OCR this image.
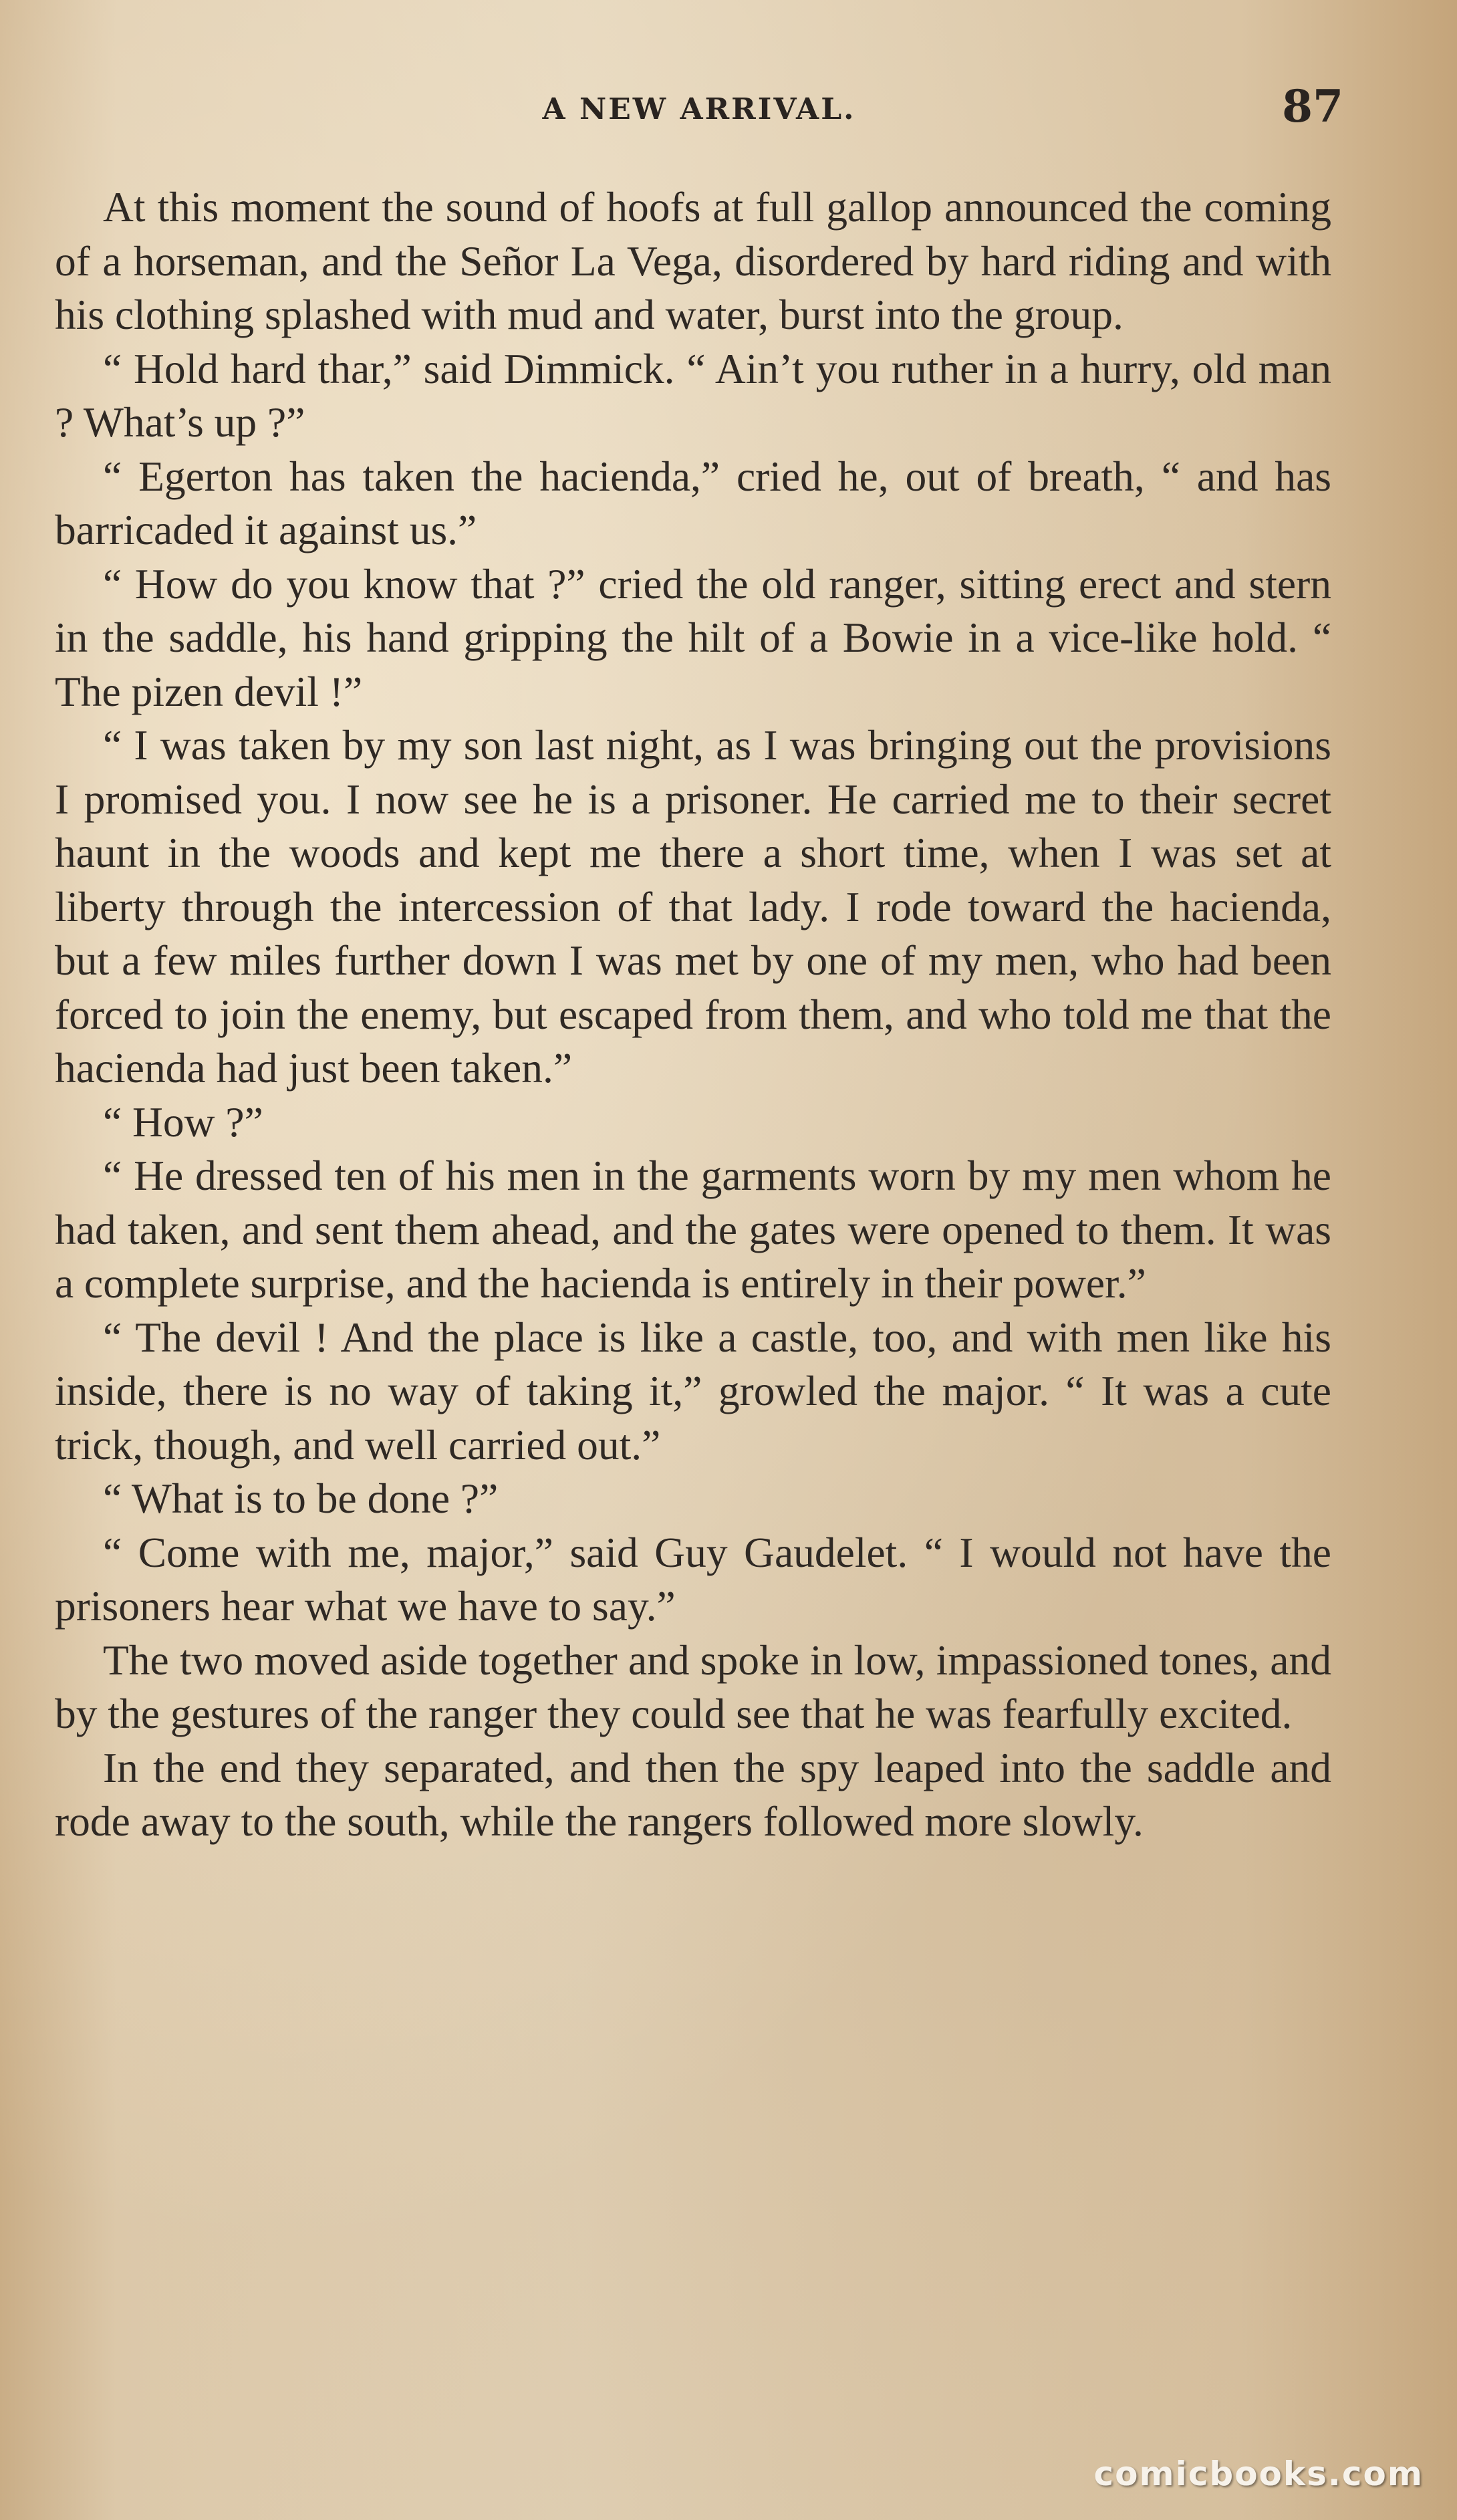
A NEW ARRIVAL.	87

At this moment the sound of hoofs at full gallop announced the coming of a horseman, and the Señor La Vega, disordered by hard riding and with his clothing splashed with mud and water, burst into the group.

“ Hold hard thar,” said Dimmick. “ Ain’t you ruther in a hurry, old man ? What’s up ?”

“ Egerton has taken the hacienda,” cried he, out of breath, “ and has barricaded it against us.”

“ How do you know that ?” cried the old ranger, sitting erect and stern in the saddle, his hand gripping the hilt of a Bowie in a vice-like hold. “ The pizen devil !”

“ I was taken by my son last night, as I was bringing out the provisions I promised you. I now see he is a prisoner. He carried me to their secret haunt in the woods and kept me there a short time, when I was set at liberty through the intercession of that lady. I rode toward the hacienda, but a few miles further down I was met by one of my men, who had been forced to join the enemy, but escaped from them, and who told me that the hacienda had just been taken.”

“ How ?”

“ He dressed ten of his men in the garments worn by my men whom he had taken, and sent them ahead, and the gates were opened to them. It was a complete surprise, and the hacienda is entirely in their power.”

“ The devil ! And the place is like a castle, too, and with men like his inside, there is no way of taking it,” growled the major. “ It was a cute trick, though, and well carried out.”

“ What is to be done ?”

“ Come with me, major,” said Guy Gaudelet. “ I would not have the prisoners hear what we have to say.”

The two moved aside together and spoke in low, impassioned tones, and by the gestures of the ranger they could see that he was fearfully excited.

In the end they separated, and then the spy leaped into the saddle and rode away to the south, while the rangers followed more slowly.

comicbooks.com
